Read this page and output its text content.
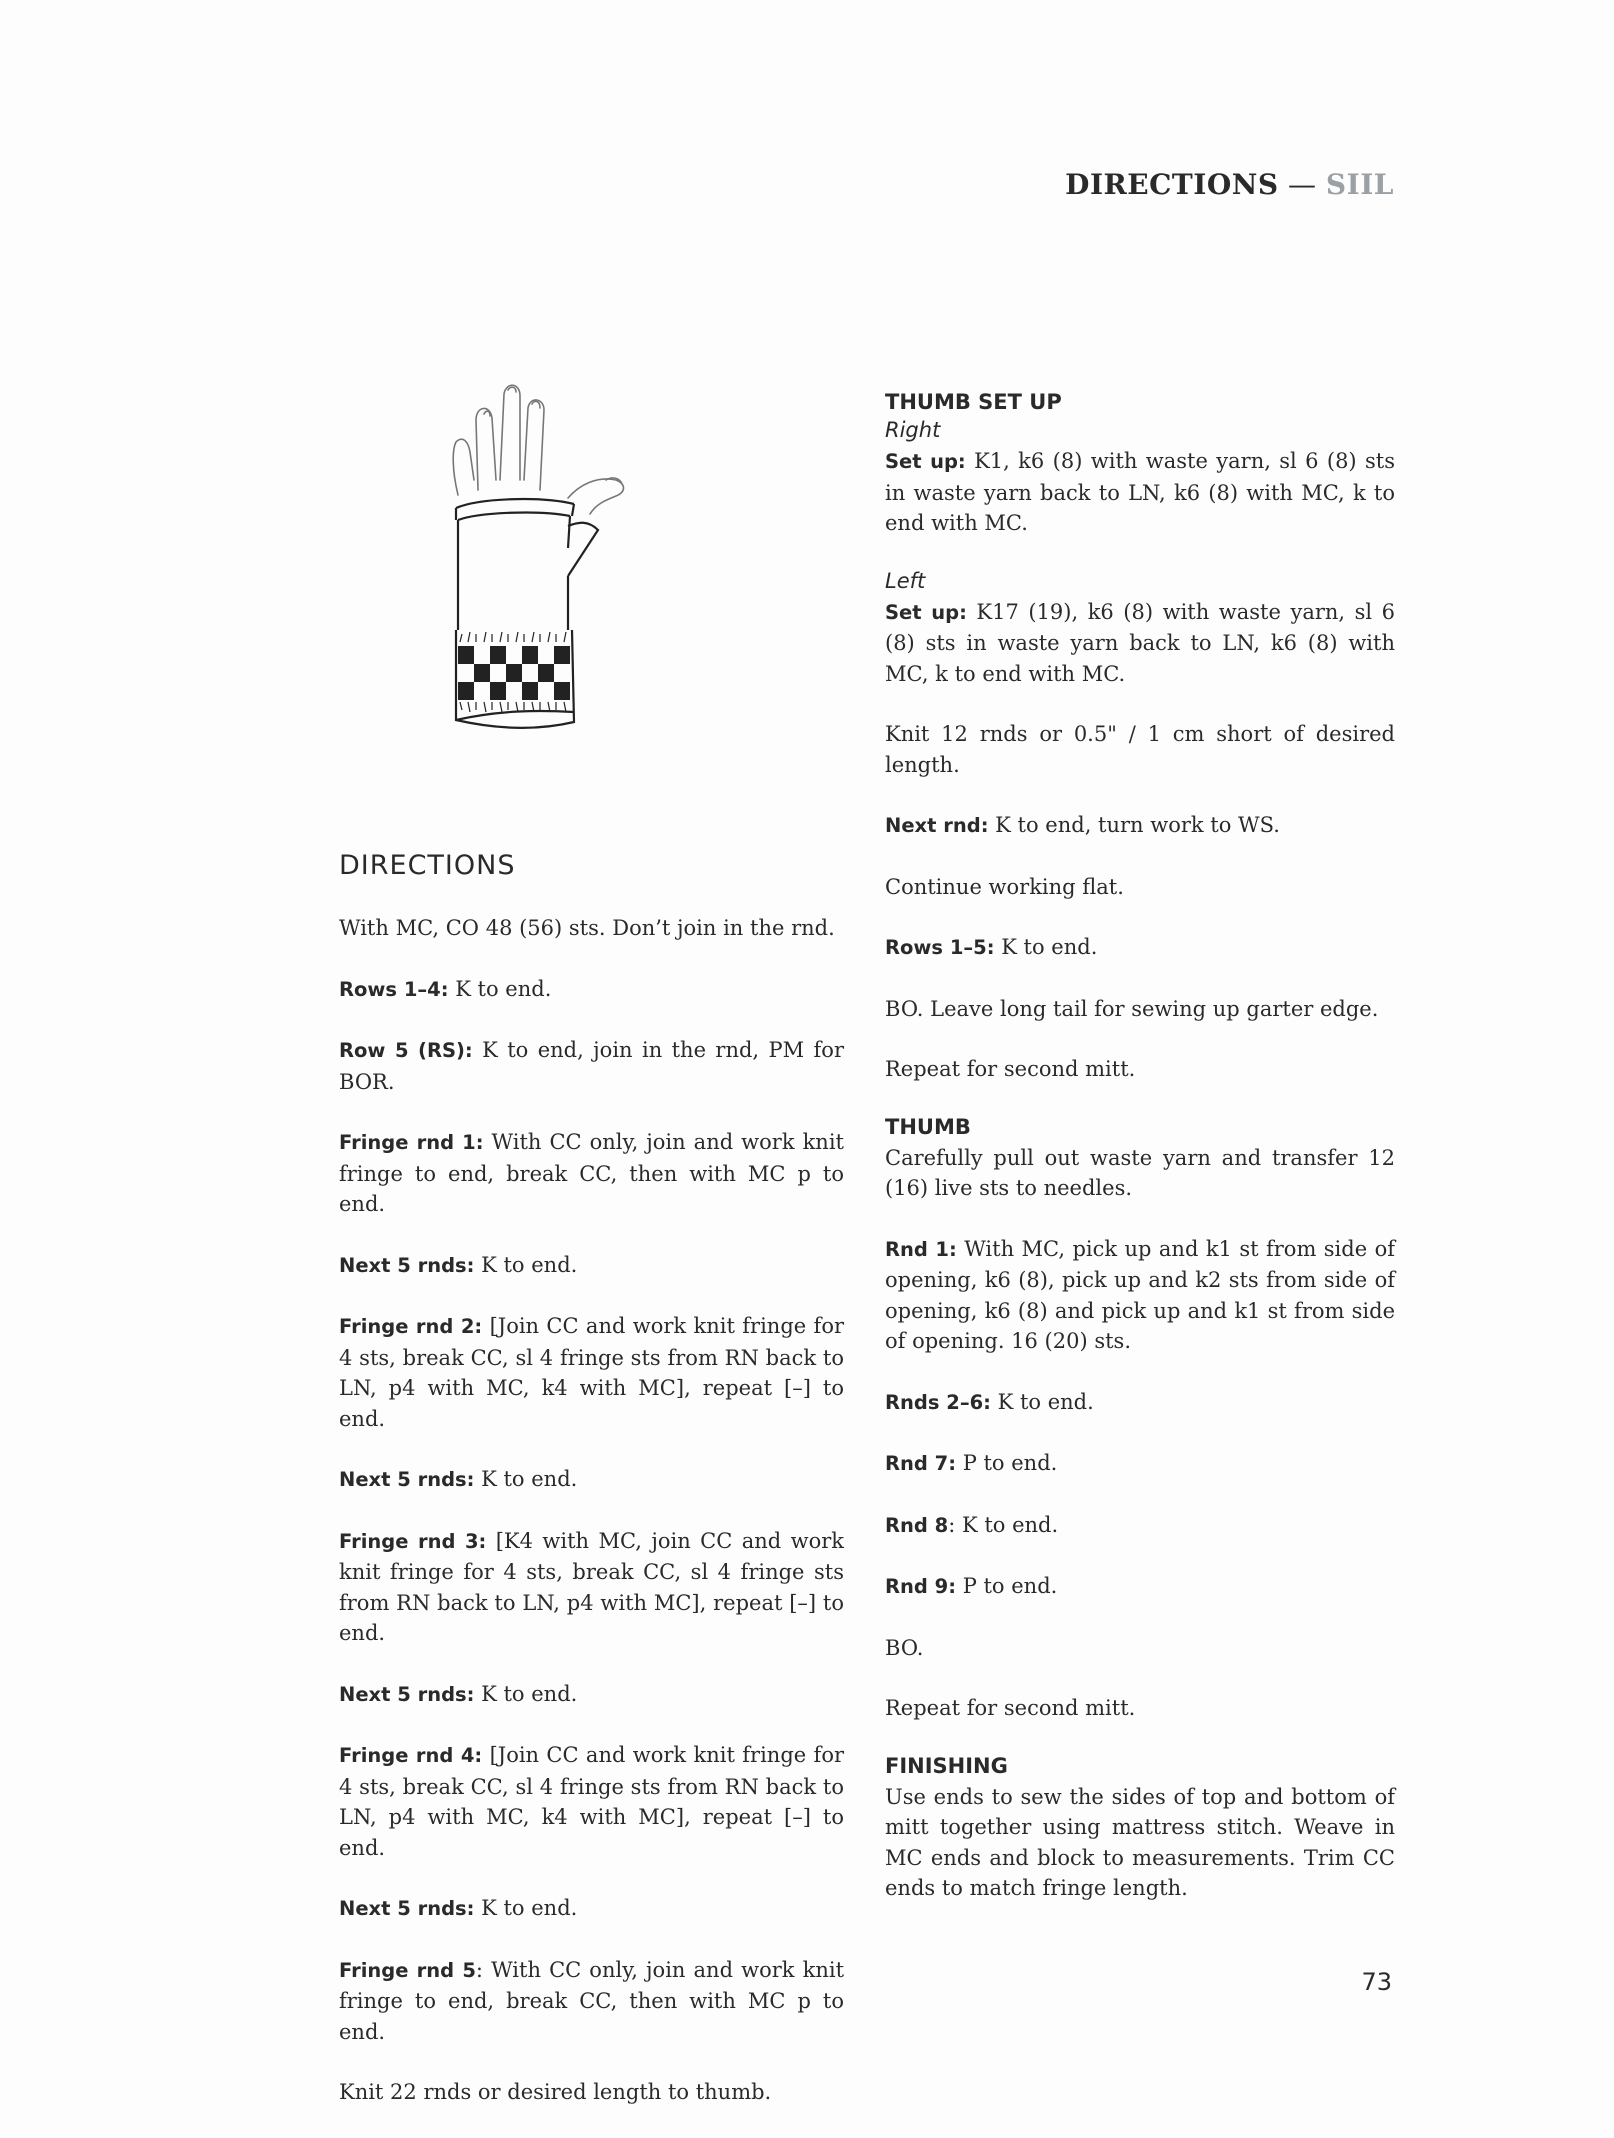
DIRECTIONS — SIIL
DIRECTIONS

With MC, CO 48 (56) sts. Don’t join in the rnd.

Rows 1–4: K to end.

Row 5 (RS): K to end, join in the rnd, PM for BOR.

Fringe rnd 1: With CC only, join and work knit fringe to end, break CC, then with MC p to end.

Next 5 rnds: K to end.

Fringe rnd 2: [Join CC and work knit fringe for 4 sts, break CC, sl 4 fringe sts from RN back to LN, p4 with MC, k4 with MC], repeat [–] to end.

Next 5 rnds: K to end.

Fringe rnd 3: [K4 with MC, join CC and work knit fringe for 4 sts, break CC, sl 4 fringe sts from RN back to LN, p4 with MC], repeat [–] to end.

Next 5 rnds: K to end.

Fringe rnd 4: [Join CC and work knit fringe for 4 sts, break CC, sl 4 fringe sts from RN back to LN, p4 with MC, k4 with MC], repeat [–] to end.

Next 5 rnds: K to end.

Fringe rnd 5: With CC only, join and work knit fringe to end, break CC, then with MC p to end.

Knit 22 rnds or desired length to thumb.

THUMB SET UP
Right

Set up: K1, k6 (8) with waste yarn, sl 6 (8) sts in waste yarn back to LN, k6 (8) with MC, k to end with MC.

Left

Set up: K17 (19), k6 (8) with waste yarn, sl 6 (8) sts in waste yarn back to LN, k6 (8) with MC, k to end with MC.

Knit 12 rnds or 0.5" / 1 cm short of desired length.

Next rnd: K to end, turn work to WS.

Continue working flat.

Rows 1–5: K to end.

BO. Leave long tail for sewing up garter edge.

Repeat for second mitt.

THUMB

Carefully pull out waste yarn and transfer 12 (16) live sts to needles.

Rnd 1: With MC, pick up and k1 st from side of opening, k6 (8), pick up and k2 sts from side of opening, k6 (8) and pick up and k1 st from side of opening. 16 (20) sts.

Rnds 2–6: K to end.

Rnd 7: P to end.

Rnd 8: K to end.

Rnd 9: P to end.

BO.

Repeat for second mitt.

FINISHING

Use ends to sew the sides of top and bottom of mitt together using mattress stitch. Weave in MC ends and block to measurements. Trim CC ends to match fringe length.

73
